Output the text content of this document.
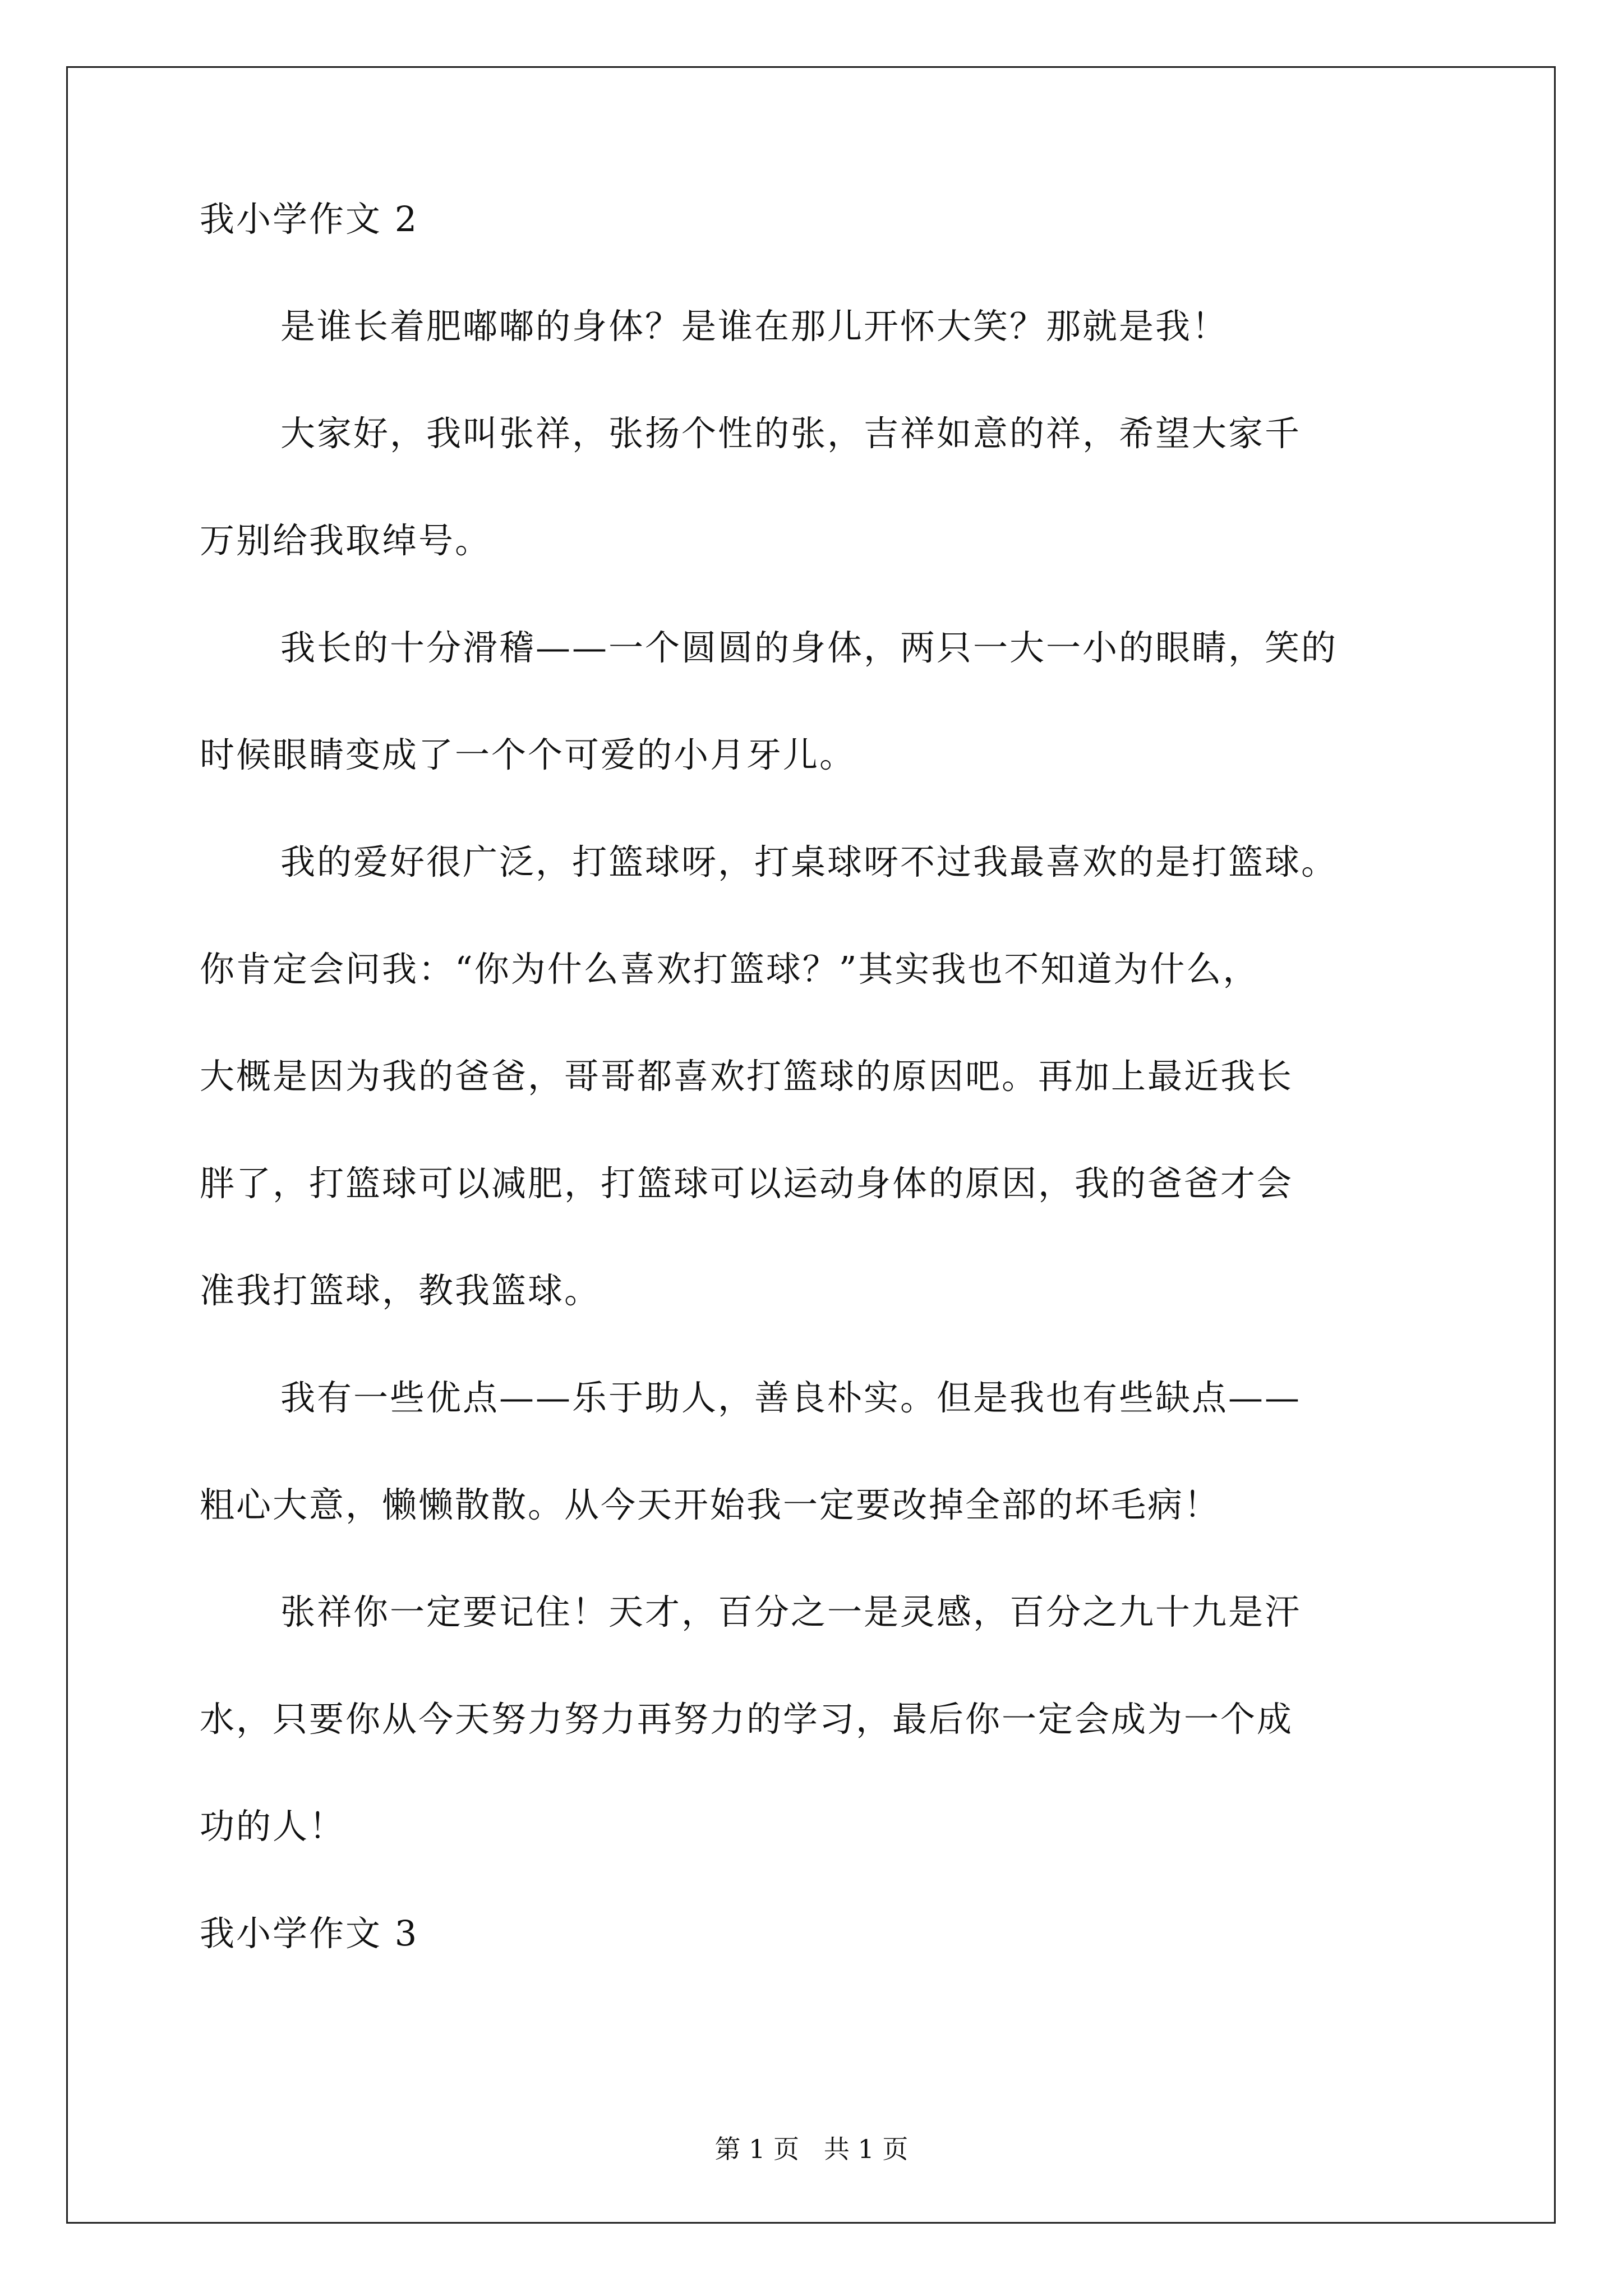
我小学作文 2
是谁长着肥嘟嘟的身体？是谁在那儿开怀大笑？那就是我！
大家好，我叫张祥，张扬个性的张，吉祥如意的祥，希望大家千
万别给我取绰号。
我长的十分滑稽——一个圆圆的身体，两只一大一小的眼睛，笑的
时候眼睛变成了一个个可爱的小月牙儿。
我的爱好很广泛，打篮球呀，打桌球呀不过我最喜欢的是打篮球。
你肯定会问我：“你为什么喜欢打篮球？”其实我也不知道为什么，
大概是因为我的爸爸，哥哥都喜欢打篮球的原因吧。再加上最近我长
胖了，打篮球可以减肥，打篮球可以运动身体的原因，我的爸爸才会
准我打篮球，教我篮球。
我有一些优点——乐于助人，善良朴实。但是我也有些缺点——
粗心大意，懒懒散散。从今天开始我一定要改掉全部的坏毛病！
张祥你一定要记住！天才，百分之一是灵感，百分之九十九是汗
水，只要你从今天努力努力再努力的学习，最后你一定会成为一个成
功的人！
我小学作文 3
第 1 页   共 1 页
